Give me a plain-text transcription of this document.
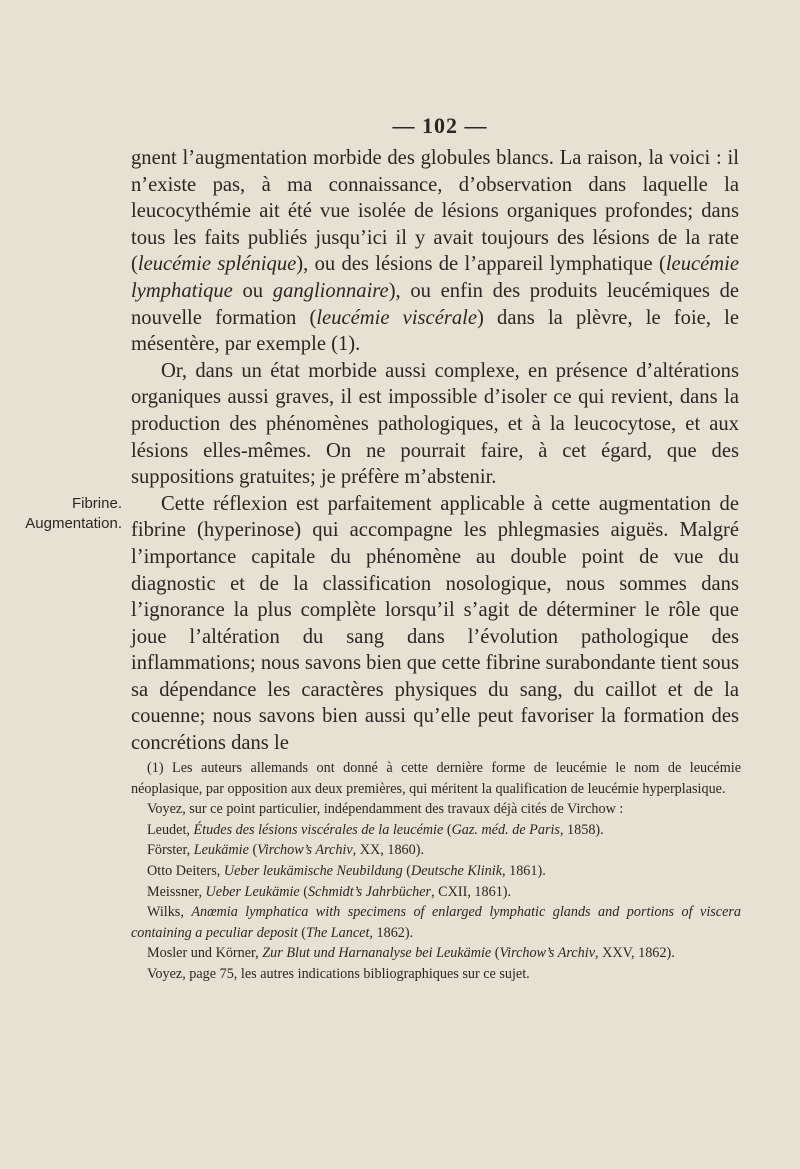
— 102 —
Fibrine.
Augmentation.

gnent l’augmentation morbide des globules blancs. La raison, la voici : il n’existe pas, à ma connaissance, d’observation dans laquelle la leucocythémie ait été vue isolée de lésions organiques profondes; dans tous les faits publiés jusqu’ici il y avait toujours des lésions de la rate (leucémie splénique), ou des lésions de l’appareil lymphatique (leucémie lymphatique ou ganglionnaire), ou enfin des produits leucémiques de nouvelle formation (leucémie viscérale) dans la plèvre, le foie, le mésentère, par exemple (1).

Or, dans un état morbide aussi complexe, en présence d’altérations organiques aussi graves, il est impossible d’isoler ce qui revient, dans la production des phénomènes pathologiques, et à la leucocytose, et aux lésions elles-mêmes. On ne pourrait faire, à cet égard, que des suppositions gratuites; je préfère m’abstenir.

Cette réflexion est parfaitement applicable à cette augmentation de fibrine (hyperinose) qui accompagne les phlegmasies aiguës. Malgré l’importance capitale du phénomène au double point de vue du diagnostic et de la classification nosologique, nous sommes dans l’ignorance la plus complète lorsqu’il s’agit de déterminer le rôle que joue l’altération du sang dans l’évolution pathologique des inflammations; nous savons bien que cette fibrine surabondante tient sous sa dépendance les caractères physiques du sang, du caillot et de la couenne; nous savons bien aussi qu’elle peut favoriser la formation des concrétions dans le

(1) Les auteurs allemands ont donné à cette dernière forme de leucémie le nom de leucémie néoplasique, par opposition aux deux premières, qui méritent la qualification de leucémie hyperplasique.

Voyez, sur ce point particulier, indépendamment des travaux déjà cités de Virchow :

Leudet, Études des lésions viscérales de la leucémie (Gaz. méd. de Paris, 1858).

Förster, Leukämie (Virchow’s Archiv, XX, 1860).

Otto Deiters, Ueber leukämische Neubildung (Deutsche Klinik, 1861).

Meissner, Ueber Leukämie (Schmidt’s Jahrbücher, CXII, 1861).

Wilks, Anœmia lymphatica with specimens of enlarged lymphatic glands and portions of viscera containing a peculiar deposit (The Lancet, 1862).

Mosler und Körner, Zur Blut und Harnanalyse bei Leukämie (Virchow’s Archiv, XXV, 1862).

Voyez, page 75, les autres indications bibliographiques sur ce sujet.
